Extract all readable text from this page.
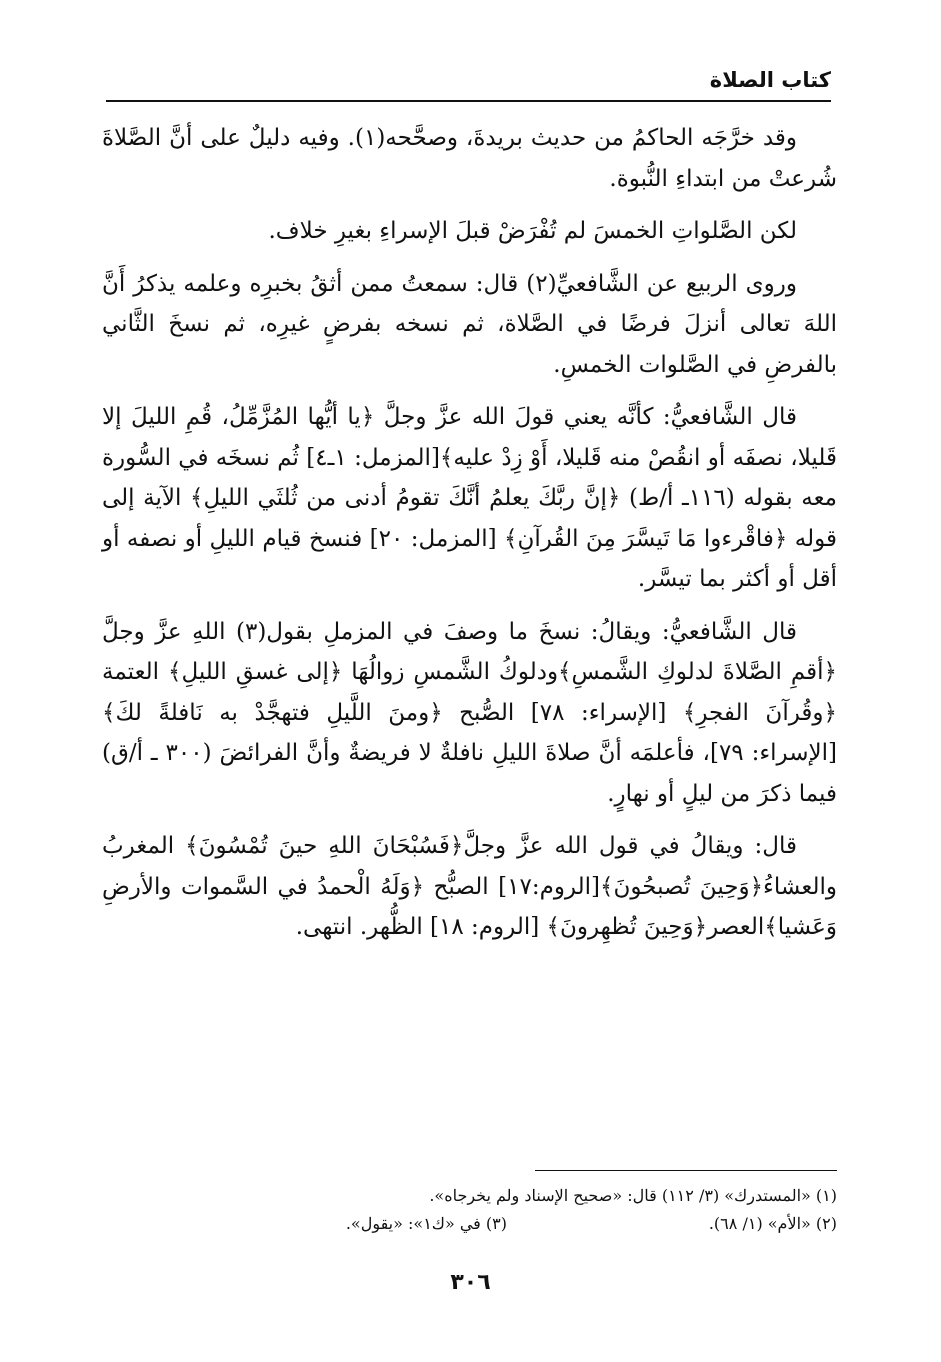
كتاب الصلاة

وقد خرَّجَه الحاكمُ من حديث بريدةَ، وصحَّحه(١). وفيه دليلٌ على أنَّ الصَّلاةَ شُرعتْ من ابتداءِ النُّبوة.

لكن الصَّلواتِ الخمسَ لم تُفْرَضْ قبلَ الإسراءِ بغيرِ خلاف.

وروى الربيع عن الشَّافعيِّ(٢) قال: سمعتُ ممن أثقُ بخبرِه وعلمه يذكرُ أَنَّ اللهَ تعالى أنزلَ فرضًا في الصَّلاة، ثم نسخه بفرضٍ غيرِه، ثم نسخَ الثَّاني بالفرضِ في الصَّلوات الخمسِ.

قال الشَّافعيُّ: كأنَّه يعني قولَ الله عزَّ وجلَّ ﴿يا أيُّها المُزَّمِّلُ، قُمِ الليلَ إلا قَليلا، نصفَه أو انقُصْ منه قَليلا، أَوْ زِدْ عليه﴾[المزمل: ١ـ٤] ثُم نسخَه في السُّورة معه بقوله (١١٦ـ أ/ط) ﴿إنَّ ربَّكَ يعلمُ أنَّكَ تقومُ أدنى من ثُلثَي الليلِ﴾ الآية إلى قوله ﴿فاقْرءوا مَا تَيسَّرَ مِنَ القُرآنِ﴾ [المزمل: ٢٠] فنسخ قيام الليلِ أو نصفه أو أقل أو أكثر بما تيسَّر.

قال الشَّافعيُّ: ويقالُ: نسخَ ما وصفَ في المزملِ بقول(٣) اللهِ عزَّ وجلَّ ﴿أقمِ الصَّلاةَ لدلوكِ الشَّمسِ﴾ودلوكُ الشَّمسِ زوالُهَا ﴿إلى غسقِ الليلِ﴾ العتمة ﴿وقُرآنَ الفجرِ﴾ [الإسراء: ٧٨] الصُّبح ﴿ومنَ اللَّيلِ فتهجَّدْ به نَافلةً لكَ﴾ [الإسراء: ٧٩]، فأعلمَه أنَّ صلاةَ الليلِ نافلةٌ لا فريضةٌ وأنَّ الفرائضَ (٣٠٠ ـ أ/ق) فيما ذكرَ من ليلٍ أو نهارٍ.

قال: ويقالُ في قول الله عزَّ وجلَّ﴿فَسُبْحَانَ اللهِ حينَ تُمْسُونَ﴾ المغربُ والعشاءُ﴿وَحِينَ تُصبحُونَ﴾[الروم:١٧] الصبُّح ﴿وَلَهُ الْحمدُ في السَّموات والأرضِ وَعَشيا﴾العصر﴿وَحِينَ تُظهِرونَ﴾ [الروم: ١٨] الظُّهر. انتهى.

(١) «المستدرك» (٣/ ١١٢) قال: «صحيح الإسناد ولم يخرجاه».
(٢) «الأم» (١/ ٦٨).(٣) في «ك١»: «يقول».
٣٠٦
